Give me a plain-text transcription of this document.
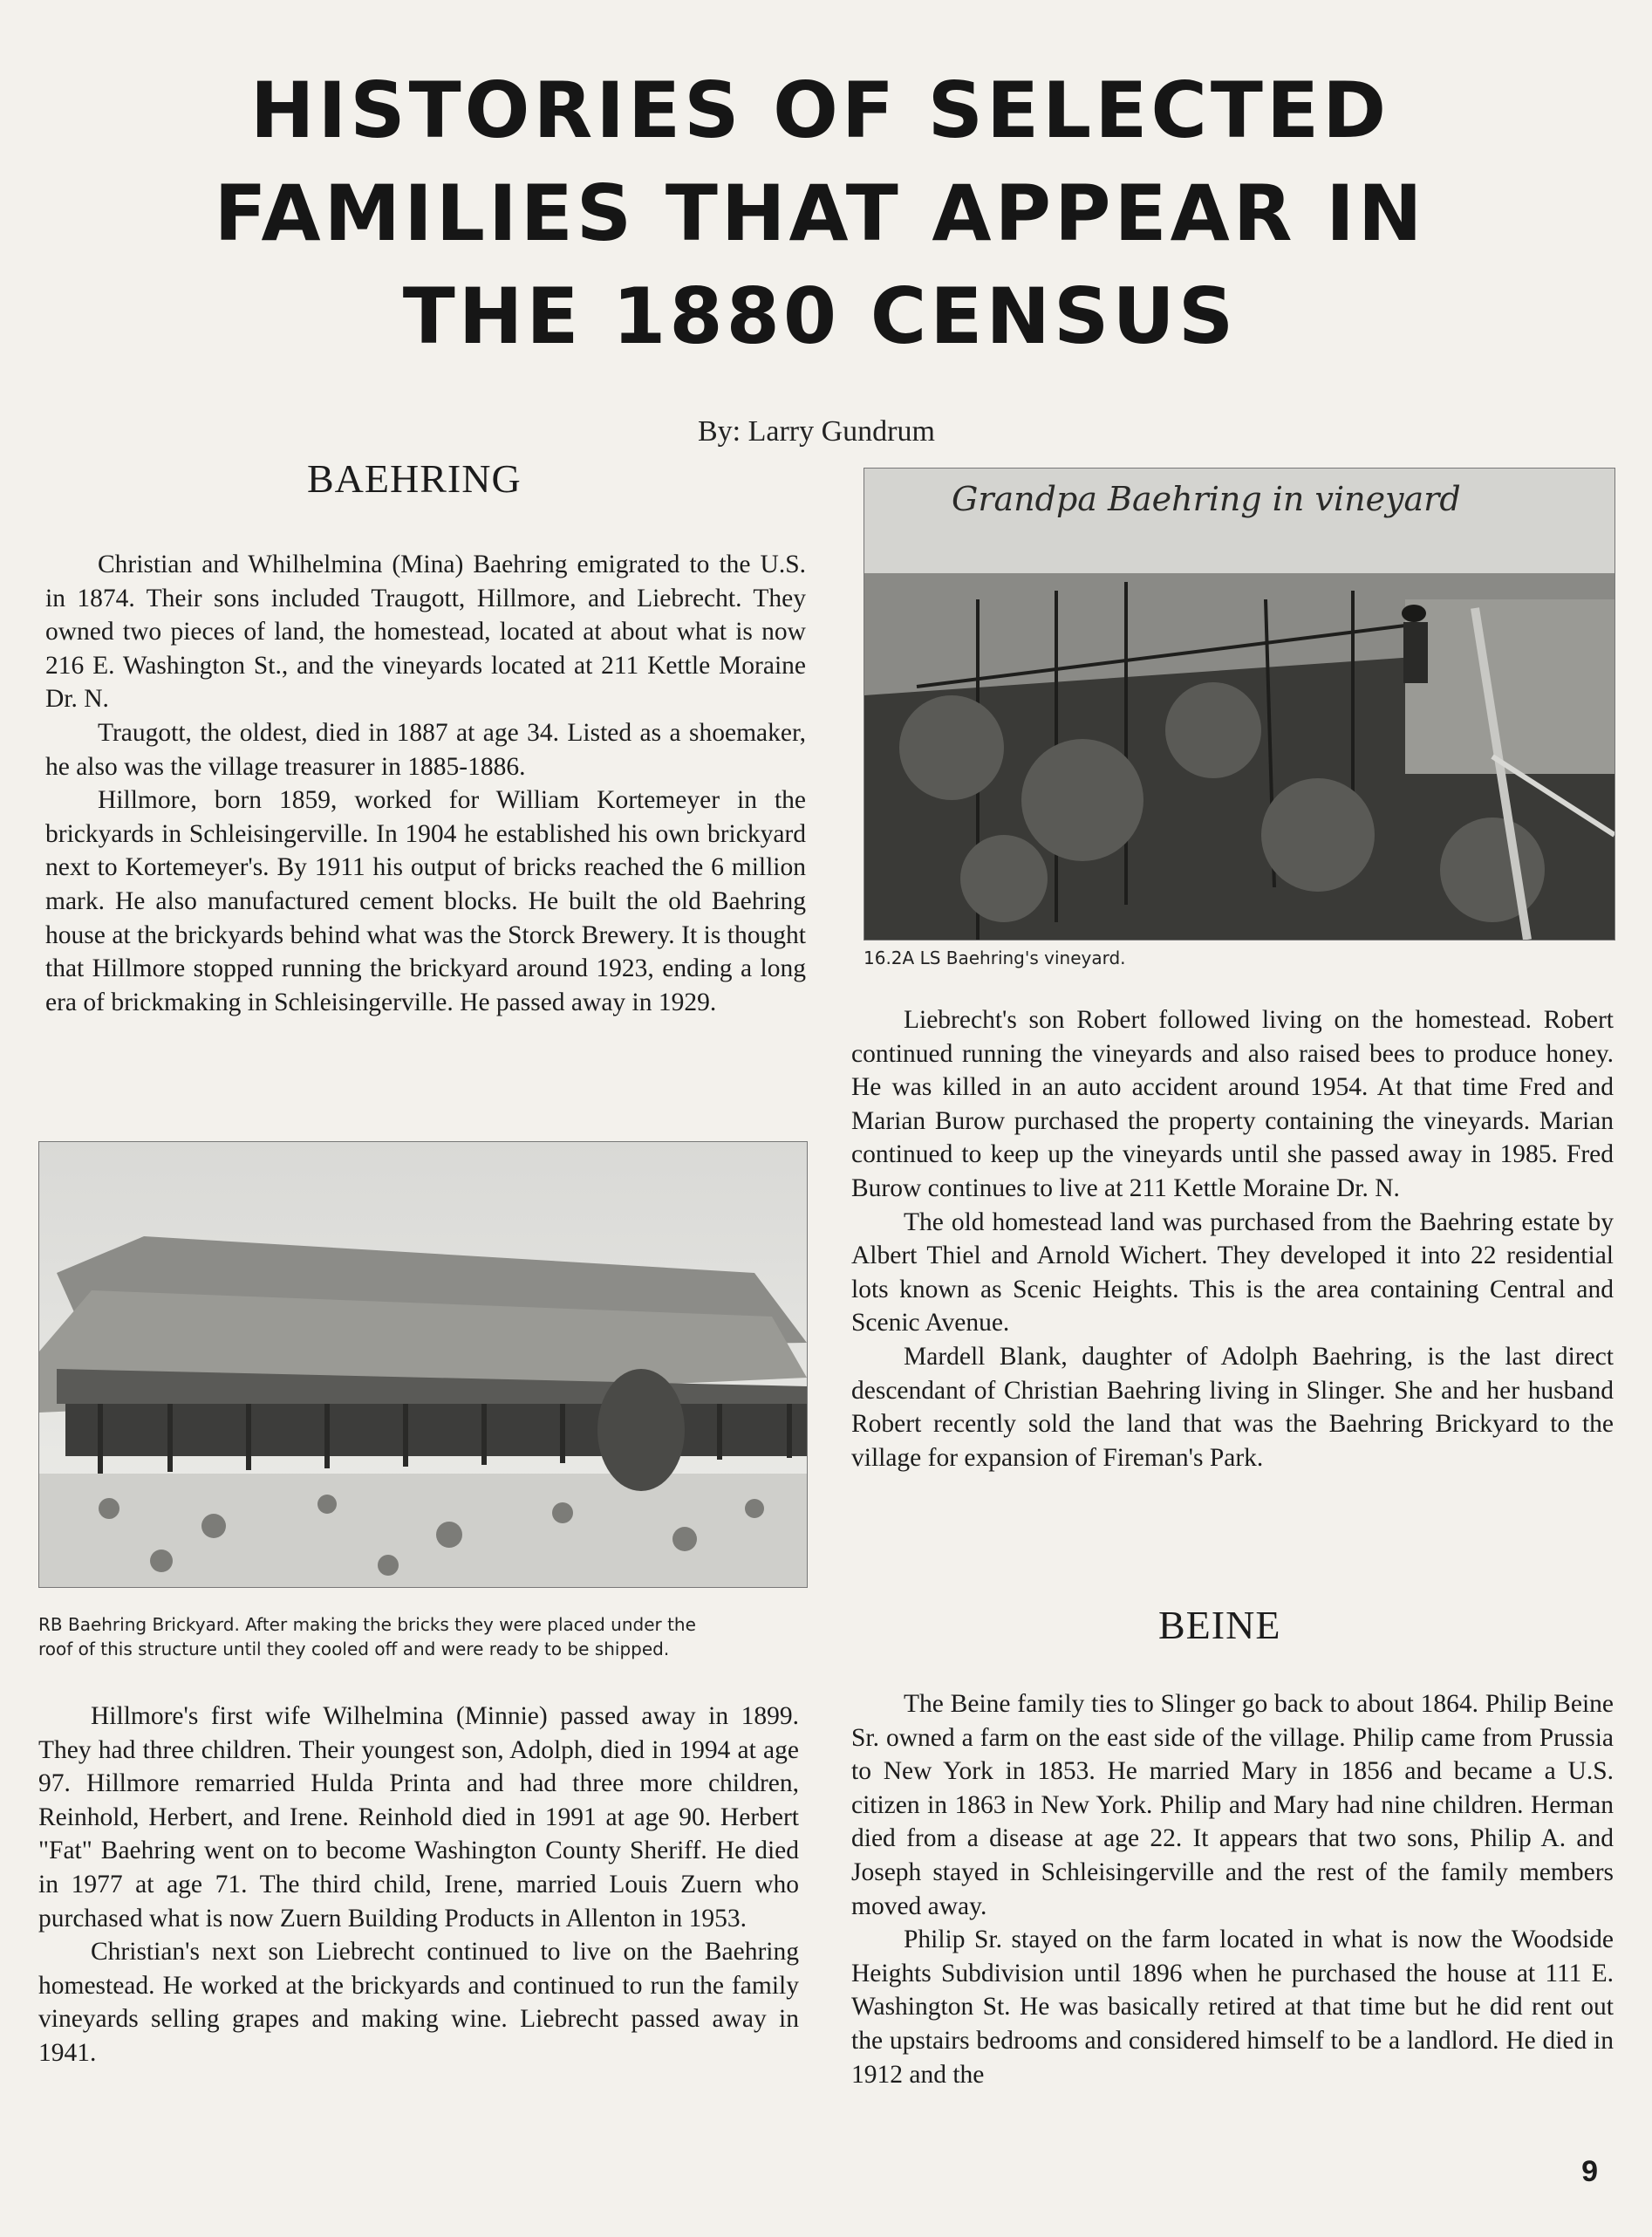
HISTORIES OF SELECTED
FAMILIES THAT APPEAR IN
THE 1880 CENSUS
By: Larry Gundrum
BAEHRING

Christian and Whilhelmina (Mina) Baehring emigrated to the U.S. in 1874. Their sons included Traugott, Hillmore, and Liebrecht. They owned two pieces of land, the homestead, located at about what is now 216 E. Washington St., and the vineyards located at 211 Kettle Moraine Dr. N.

Traugott, the oldest, died in 1887 at age 34. Listed as a shoemaker, he also was the village treasurer in 1885-1886.

Hillmore, born 1859, worked for William Kortemeyer in the brickyards in Schleisingerville. In 1904 he established his own brickyard next to Kortemeyer's. By 1911 his output of bricks reached the 6 million mark. He also manufactured cement blocks. He built the old Baehring house at the brickyards behind what was the Storck Brewery. It is thought that Hillmore stopped running the brickyard around 1923, ending a long era of brickmaking in Schleisingerville. He passed away in 1929.

RB Baehring Brickyard. After making the bricks they were placed under the
roof of this structure until they cooled off and were ready to be shipped.

Hillmore's first wife Wilhelmina (Minnie) passed away in 1899. They had three children. Their youngest son, Adolph, died in 1994 at age 97. Hillmore remarried Hulda Printa and had three more children, Reinhold, Herbert, and Irene. Reinhold died in 1991 at age 90. Herbert "Fat" Baehring went on to become Washington County Sheriff. He died in 1977 at age 71. The third child, Irene, married Louis Zuern who purchased what is now Zuern Building Products in Allenton in 1953.

Christian's next son Liebrecht continued to live on the Baehring homestead. He worked at the brickyards and continued to run the family vineyards selling grapes and making wine. Liebrecht passed away in 1941.

Grandpa Baehring in vineyard
16.2A LS Baehring's vineyard.

Liebrecht's son Robert followed living on the homestead. Robert continued running the vineyards and also raised bees to produce honey. He was killed in an auto accident around 1954. At that time Fred and Marian Burow purchased the property containing the vineyards. Marian continued to keep up the vineyards until she passed away in 1985. Fred Burow continues to live at 211 Kettle Moraine Dr. N.

The old homestead land was purchased from the Baehring estate by Albert Thiel and Arnold Wichert. They developed it into 22 residential lots known as Scenic Heights. This is the area containing Central and Scenic Avenue.

Mardell Blank, daughter of Adolph Baehring, is the last direct descendant of Christian Baehring living in Slinger. She and her husband Robert recently sold the land that was the Baehring Brickyard to the village for expansion of Fireman's Park.

BEINE

The Beine family ties to Slinger go back to about 1864. Philip Beine Sr. owned a farm on the east side of the village. Philip came from Prussia to New York in 1853. He married Mary in 1856 and became a U.S. citizen in 1863 in New York. Philip and Mary had nine children. Herman died from a disease at age 22. It appears that two sons, Philip A. and Joseph stayed in Schleisingerville and the rest of the family members moved away.

Philip Sr. stayed on the farm located in what is now the Woodside Heights Subdivision until 1896 when he purchased the house at 111 E. Washington St. He was basically retired at that time but he did rent out the upstairs bedrooms and considered himself to be a landlord. He died in 1912 and the

9
